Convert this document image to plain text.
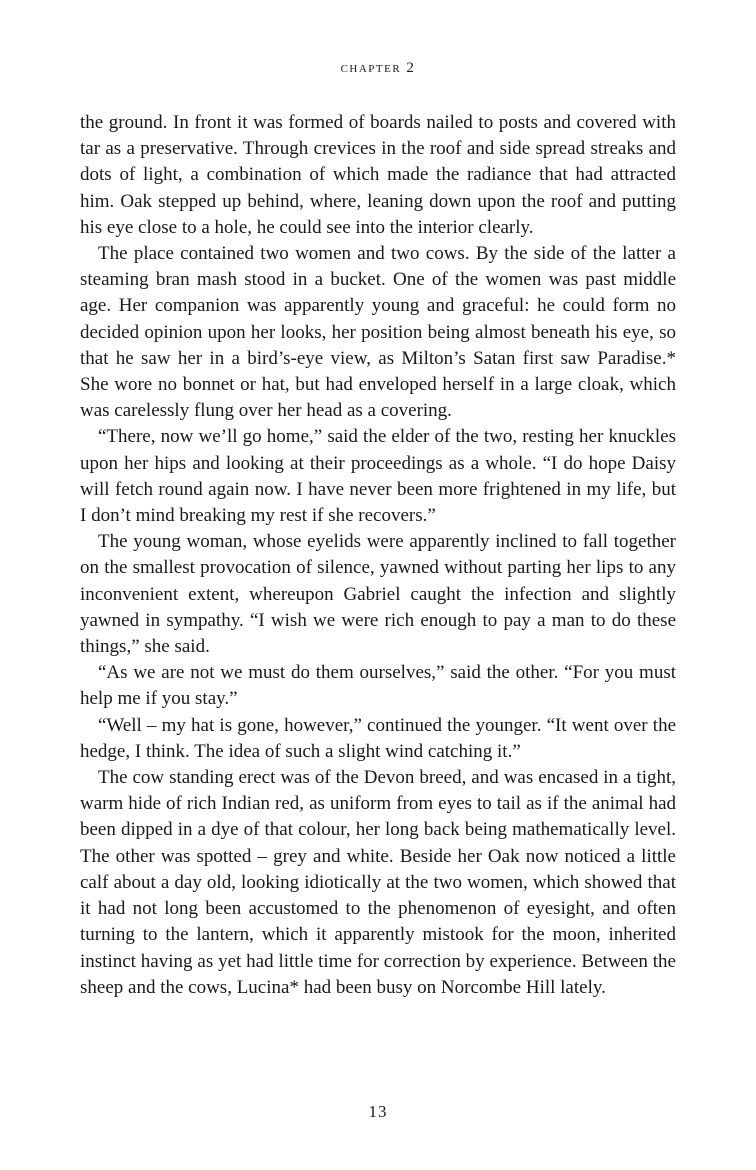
chapter 2

the ground. In front it was formed of boards nailed to posts and covered with tar as a preservative. Through crevices in the roof and side spread streaks and dots of light, a combination of which made the radiance that had attracted him. Oak stepped up behind, where, leaning down upon the roof and putting his eye close to a hole, he could see into the interior clearly.

The place contained two women and two cows. By the side of the latter a steaming bran mash stood in a bucket. One of the women was past middle age. Her companion was apparently young and graceful: he could form no decided opinion upon her looks, her position being almost beneath his eye, so that he saw her in a bird’s-eye view, as Milton’s Satan first saw Paradise.* She wore no bonnet or hat, but had enveloped herself in a large cloak, which was carelessly flung over her head as a covering.

“There, now we’ll go home,” said the elder of the two, resting her knuckles upon her hips and looking at their proceedings as a whole. “I do hope Daisy will fetch round again now. I have never been more frightened in my life, but I don’t mind breaking my rest if she recovers.”

The young woman, whose eyelids were apparently inclined to fall together on the smallest provocation of silence, yawned without parting her lips to any inconvenient extent, whereupon Gabriel caught the infection and slightly yawned in sympathy. “I wish we were rich enough to pay a man to do these things,” she said.

“As we are not we must do them ourselves,” said the other. “For you must help me if you stay.”

“Well – my hat is gone, however,” continued the younger. “It went over the hedge, I think. The idea of such a slight wind catching it.”

The cow standing erect was of the Devon breed, and was encased in a tight, warm hide of rich Indian red, as uniform from eyes to tail as if the animal had been dipped in a dye of that colour, her long back being mathematically level. The other was spotted – grey and white. Beside her Oak now noticed a little calf about a day old, looking idiotically at the two women, which showed that it had not long been accustomed to the phenomenon of eyesight, and often turning to the lantern, which it apparently mistook for the moon, inherited instinct having as yet had little time for correction by experience. Between the sheep and the cows, Lucina* had been busy on Norcombe Hill lately.

13
